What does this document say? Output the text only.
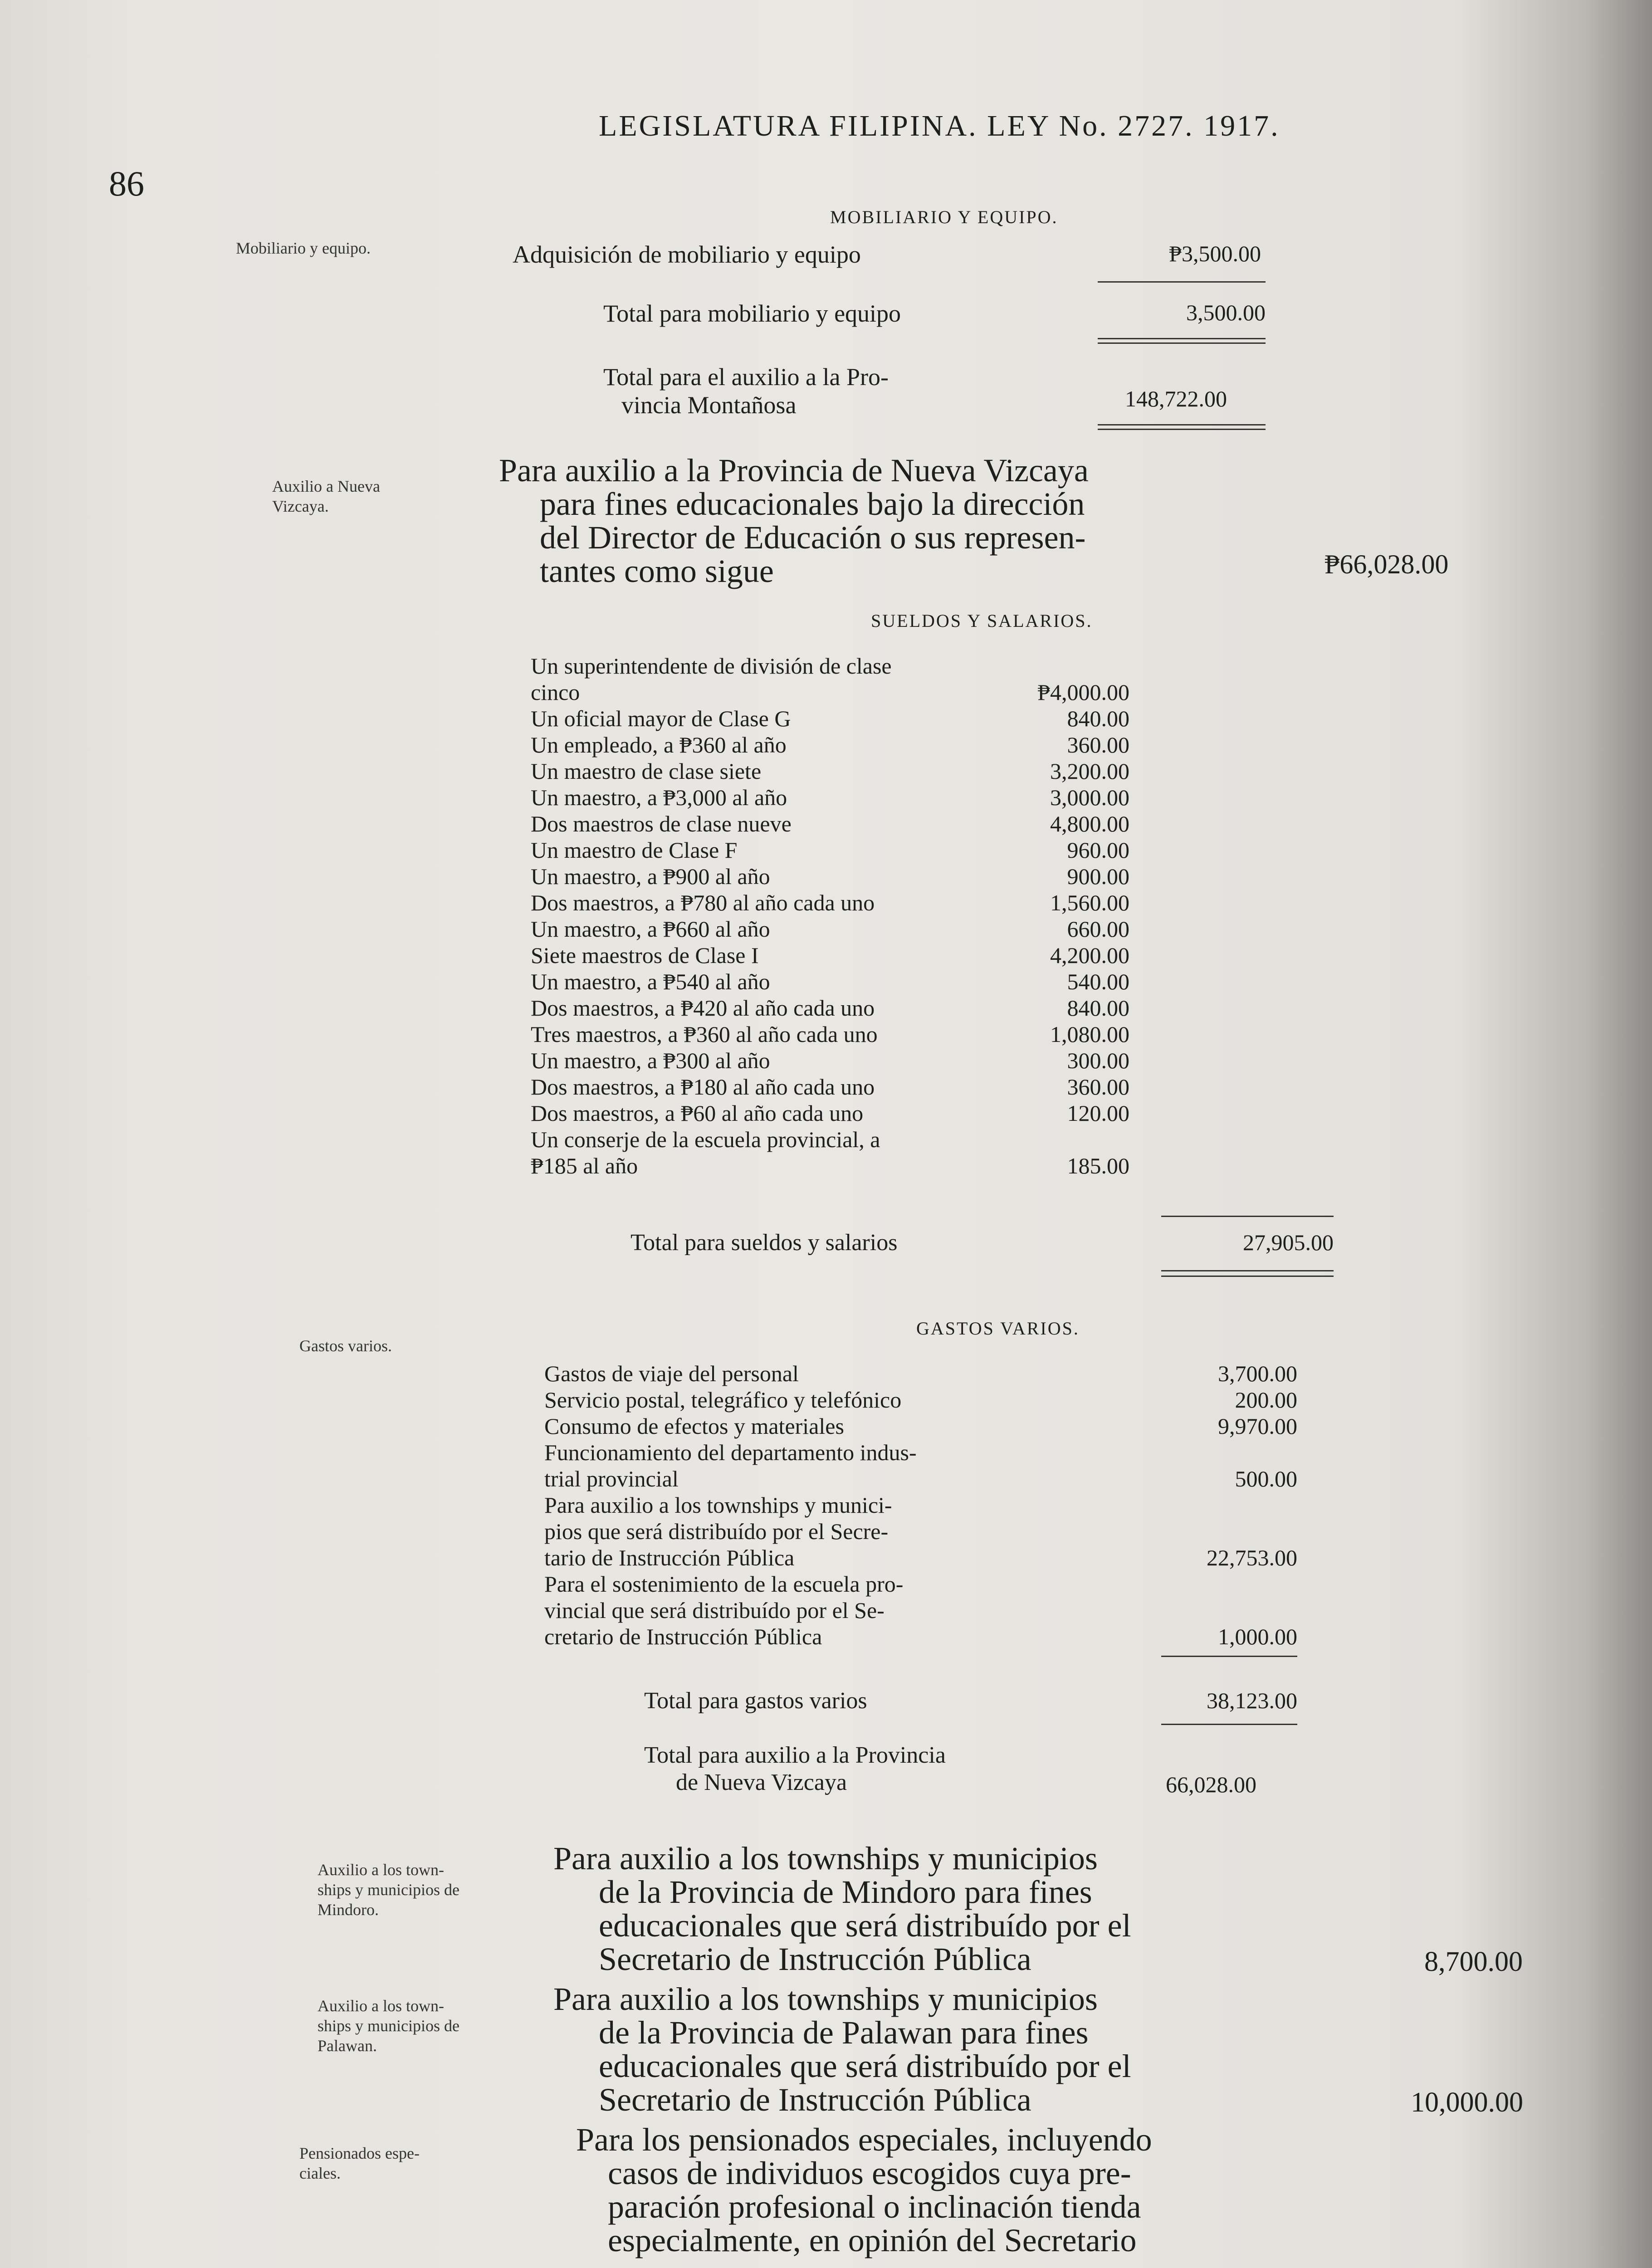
86
LEGISLATURA FILIPINA. LEY No. 2727. 1917.
Mobiliario y equipo.
MOBILIARIO Y EQUIPO.
Adquisición de mobiliario y equipo	₱3,500.00
Total para mobiliario y equipo	3,500.00
Total para el auxilio a la Pro-
vincia Montañosa	148,722.00
Auxilio a Nueva
Vizcaya.
Para auxilio a la Provincia de Nueva Vizcaya
para fines educacionales bajo la dirección
del Director de Educación o sus represen-
tantes como sigue	₱66,028.00
SUELDOS Y SALARIOS.
Un superintendente de división de clase
cinco	₱4,000.00
Un oficial mayor de Clase G	840.00
Un empleado, a ₱360 al año	360.00
Un maestro de clase siete	3,200.00
Un maestro, a ₱3,000 al año	3,000.00
Dos maestros de clase nueve	4,800.00
Un maestro de Clase F	960.00
Un maestro, a ₱900 al año	900.00
Dos maestros, a ₱780 al año cada uno	1,560.00
Un maestro, a ₱660 al año	660.00
Siete maestros de Clase I	4,200.00
Un maestro, a ₱540 al año	540.00
Dos maestros, a ₱420 al año cada uno	840.00
Tres maestros, a ₱360 al año cada uno	1,080.00
Un maestro, a ₱300 al año	300.00
Dos maestros, a ₱180 al año cada uno	360.00
Dos maestros, a ₱60 al año cada uno	120.00
Un conserje de la escuela provincial, a
₱185 al año	185.00
Total para sueldos y salarios	27,905.00
Gastos varios.
GASTOS VARIOS.
Gastos de viaje del personal	3,700.00
Servicio postal, telegráfico y telefónico	200.00
Consumo de efectos y materiales	9,970.00
Funcionamiento del departamento indus-
trial provincial	500.00
Para auxilio a los townships y munici-
pios que será distribuído por el Secre-
tario de Instrucción Pública	22,753.00
Para el sostenimiento de la escuela pro-
vincial que será distribuído por el Se-
cretario de Instrucción Pública	1,000.00
Total para gastos varios	38,123.00
Total para auxilio a la Provincia
de Nueva Vizcaya	66,028.00
Auxilio a los town-
ships y municipios de
Mindoro.
Para auxilio a los townships y municipios
de la Provincia de Mindoro para fines
educacionales que será distribuído por el
Secretario de Instrucción Pública	8,700.00
Auxilio a los town-
ships y municipios de
Palawan.
Para auxilio a los townships y municipios
de la Provincia de Palawan para fines
educacionales que será distribuído por el
Secretario de Instrucción Pública	10,000.00
Pensionados espe-
ciales.
Para los pensionados especiales, incluyendo
casos de individuos escogidos cuya pre-
paración profesional o inclinación tienda
especialmente, en opinión del Secretario
